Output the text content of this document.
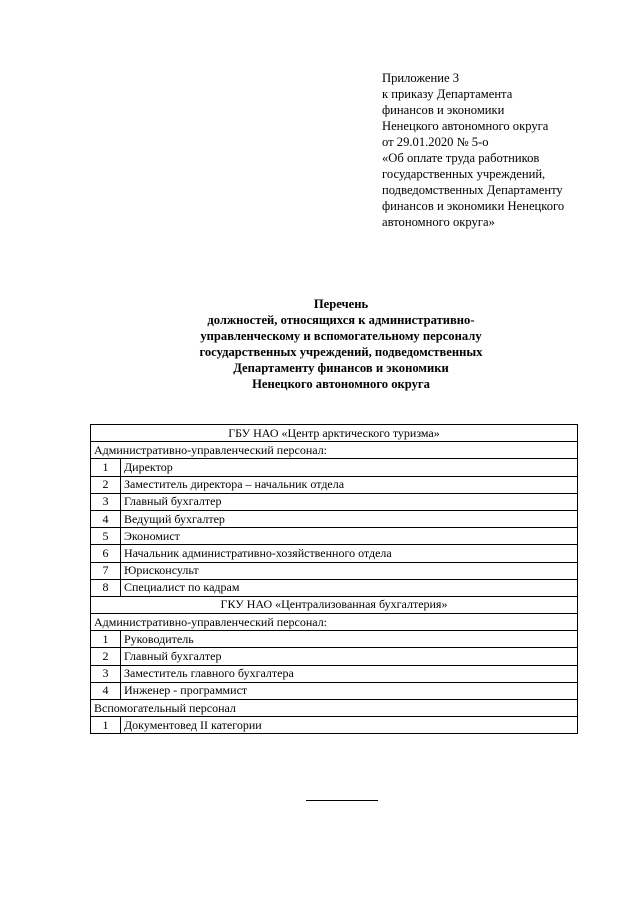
Приложение 3
к приказу Департамента
финансов и экономики
Ненецкого автономного округа
от 29.01.2020 № 5-о
«Об оплате труда работников
государственных учреждений,
подведомственных Департаменту
финансов и экономики Ненецкого
автономного округа»
Перечень
должностей, относящихся к административно-
управленческому и вспомогательному персоналу
государственных учреждений, подведомственных
Департаменту финансов и экономики
Ненецкого автономного округа
ГБУ НАО «Центр арктического туризма»	
Административно-управленческий персонал:	
1	Директор
2	Заместитель директора – начальник отдела
3	Главный бухгалтер
4	Ведущий бухгалтер
5	Экономист
6	Начальник административно-хозяйственного отдела
7	Юрисконсульт
8	Специалист по кадрам
ГКУ НАО «Централизованная бухгалтерия»	
Административно-управленческий персонал:	
1	Руководитель
2	Главный бухгалтер
3	Заместитель главного бухгалтера
4	Инженер - программист
Вспомогательный персонал	
1	Документовед II категории
